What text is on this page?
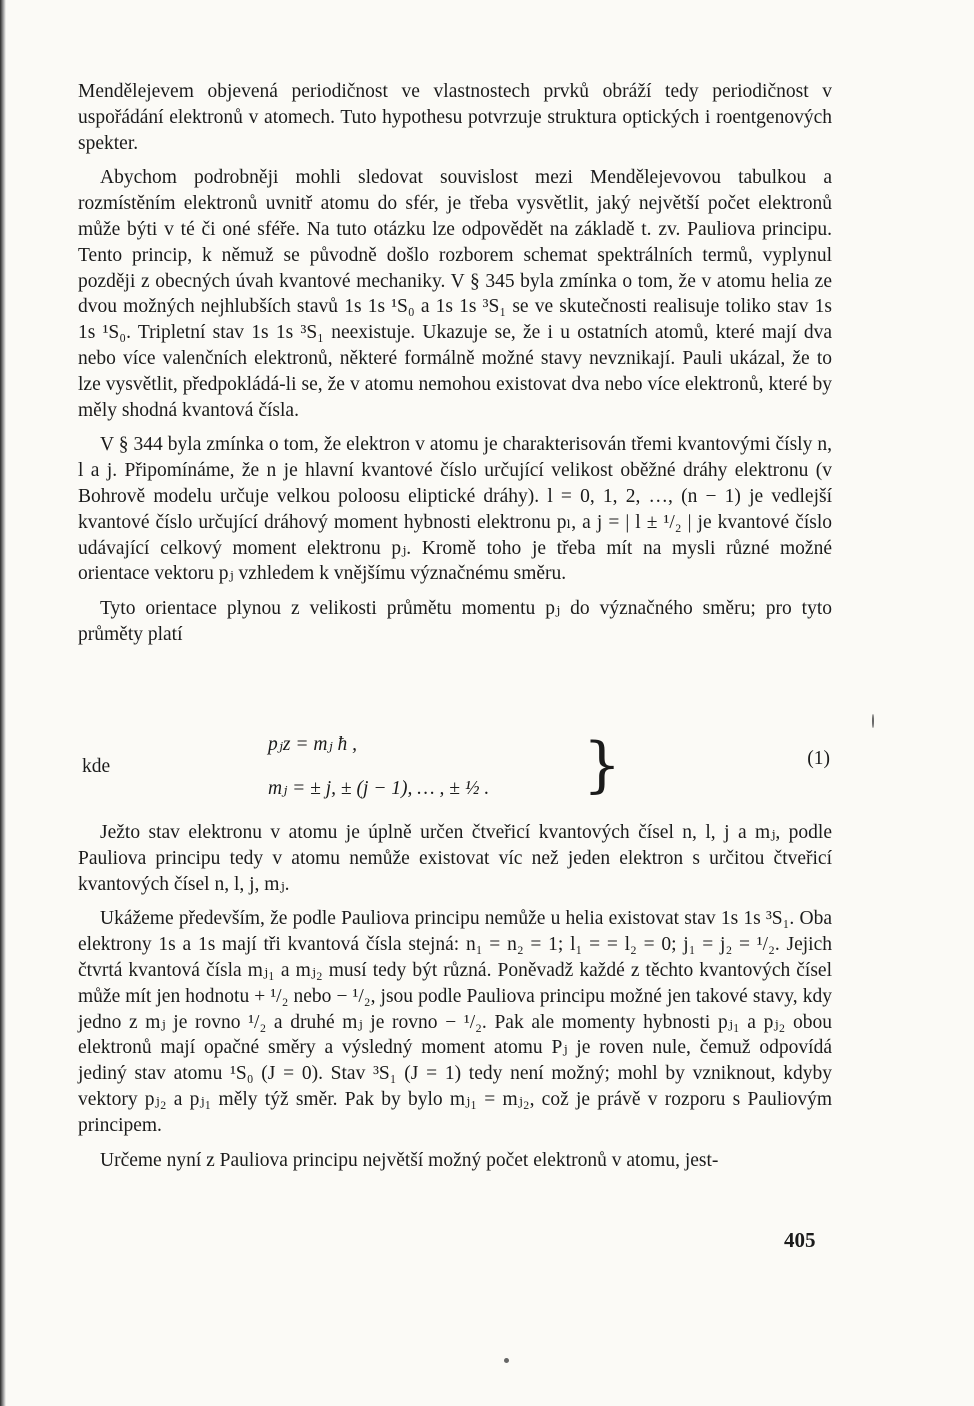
Mendělejevem objevená periodičnost ve vlastnostech prvků obráží tedy periodičnost v uspořádání elektronů v atomech. Tuto hypothesu potvrzuje struktura optických i roentgenových spekter.

Abychom podrobněji mohli sledovat souvislost mezi Mendělejevovou tabulkou a rozmístěním elektronů uvnitř atomu do sfér, je třeba vysvětlit, jaký největší počet elektronů může býti v té či oné sféře. Na tuto otázku lze odpovědět na základě t. zv. Pauliova principu. Tento princip, k němuž se původně došlo rozborem schemat spektrálních termů, vyplynul později z obecných úvah kvantové mechaniky. V § 345 byla zmínka o tom, že v atomu helia ze dvou možných nejhlubších stavů 1s 1s ¹S₀ a 1s 1s ³S₁ se ve skutečnosti realisuje toliko stav 1s 1s ¹S₀. Tripletní stav 1s 1s ³S₁ neexistuje. Ukazuje se, že i u ostatních atomů, které mají dva nebo více valenčních elektronů, některé formálně možné stavy nevznikají. Pauli ukázal, že to lze vysvětlit, předpokládá-li se, že v atomu nemohou existovat dva nebo více elektronů, které by měly shodná kvantová čísla.

V § 344 byla zmínka o tom, že elektron v atomu je charakterisován třemi kvantovými čísly n, l a j. Připomínáme, že n je hlavní kvantové číslo určující velikost oběžné dráhy elektronu (v Bohrově modelu určuje velkou poloosu eliptické dráhy). l = 0, 1, 2, …, (n − 1) je vedlejší kvantové číslo určující dráhový moment hybnosti elektronu pₗ, a j = | l ± ¹/₂ | je kvantové číslo udávající celkový moment elektronu pⱼ. Kromě toho je třeba mít na mysli různé možné orientace vektoru pⱼ vzhledem k vnějšímu význačnému směru.

Tyto orientace plynou z velikosti průmětu momentu pⱼ do význačného směru; pro tyto průměty platí

kde
pⱼz = mⱼ ħ ,
mⱼ = ± j, ± (j − 1), … , ± ½ . }	(1)

Ježto stav elektronu v atomu je úplně určen čtveřicí kvantových čísel n, l, j a mⱼ, podle Pauliova principu tedy v atomu nemůže existovat víc než jeden elektron s určitou čtveřicí kvantových čísel n, l, j, mⱼ.

Ukážeme především, že podle Pauliova principu nemůže u helia existovat stav 1s 1s ³S₁. Oba elektrony 1s a 1s mají tři kvantová čísla stejná: n₁ = n₂ = 1; l₁ = = l₂ = 0; j₁ = j₂ = ¹/₂. Jejich čtvrtá kvantová čísla mⱼ₁ a mⱼ₂ musí tedy být různá. Poněvadž každé z těchto kvantových čísel může mít jen hodnotu + ¹/₂ nebo − ¹/₂, jsou podle Pauliova principu možné jen takové stavy, kdy jedno z mⱼ je rovno ¹/₂ a druhé mⱼ je rovno − ¹/₂. Pak ale momenty hybnosti pⱼ₁ a pⱼ₂ obou elektronů mají opačné směry a výsledný moment atomu Pⱼ je roven nule, čemuž odpovídá jediný stav atomu ¹S₀ (J = 0). Stav ³S₁ (J = 1) tedy není možný; mohl by vzniknout, kdyby vektory pⱼ₂ a pⱼ₁ měly týž směr. Pak by bylo mⱼ₁ = mⱼ₂, což je právě v rozporu s Pauliovým principem.

Určeme nyní z Pauliova principu největší možný počet elektronů v atomu, jest-

405
